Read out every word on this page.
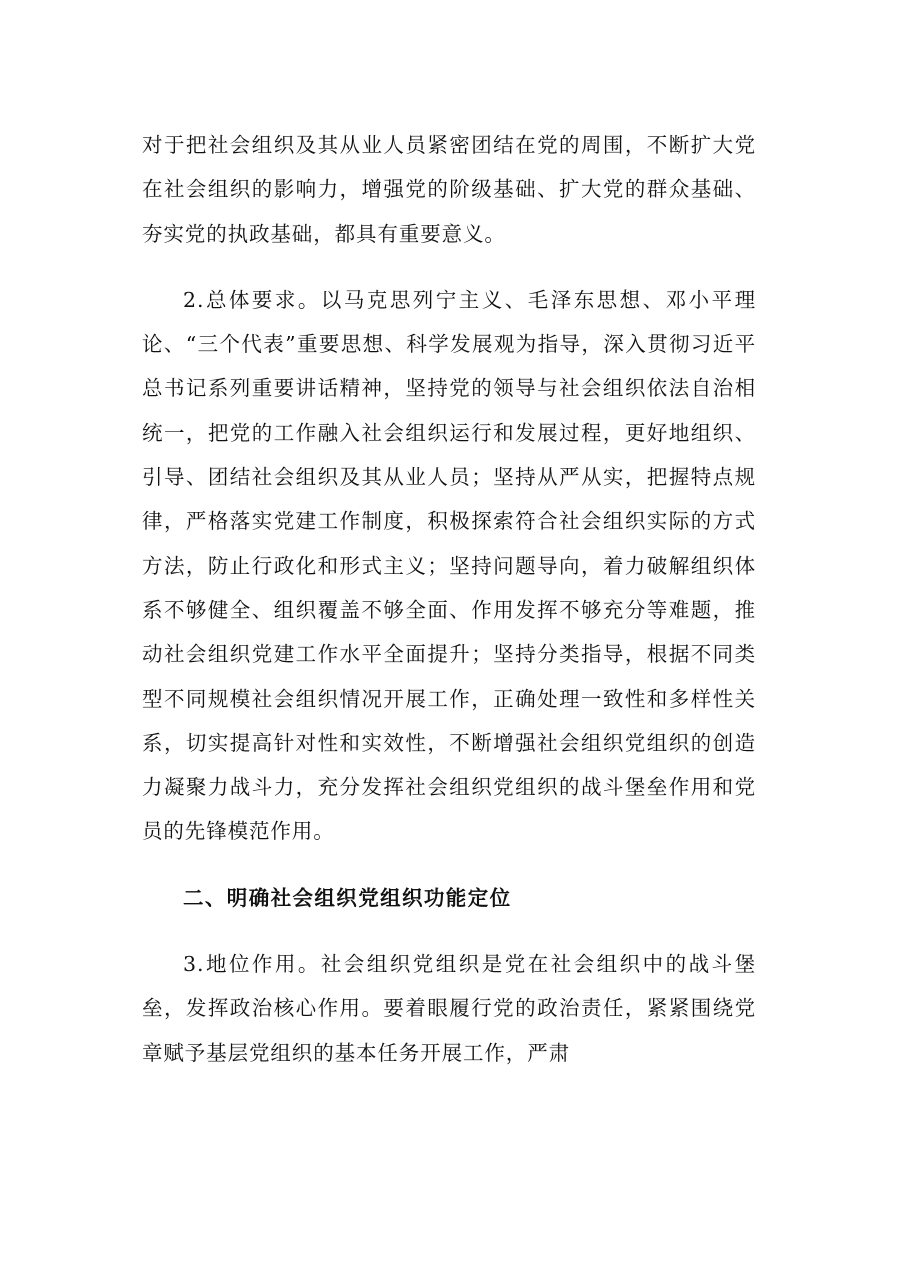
对于把社会组织及其从业人员紧密团结在党的周围，不断扩大党在社会组织的影响力，增强党的阶级基础、扩大党的群众基础、夯实党的执政基础，都具有重要意义。

2.总体要求。以马克思列宁主义、毛泽东思想、邓小平理论、“三个代表”重要思想、科学发展观为指导，深入贯彻习近平总书记系列重要讲话精神，坚持党的领导与社会组织依法自治相统一，把党的工作融入社会组织运行和发展过程，更好地组织、引导、团结社会组织及其从业人员；坚持从严从实，把握特点规律，严格落实党建工作制度，积极探索符合社会组织实际的方式方法，防止行政化和形式主义；坚持问题导向，着力破解组织体系不够健全、组织覆盖不够全面、作用发挥不够充分等难题，推动社会组织党建工作水平全面提升；坚持分类指导，根据不同类型不同规模社会组织情况开展工作，正确处理一致性和多样性关系，切实提高针对性和实效性，不断增强社会组织党组织的创造力凝聚力战斗力，充分发挥社会组织党组织的战斗堡垒作用和党员的先锋模范作用。

二、明确社会组织党组织功能定位

3.地位作用。社会组织党组织是党在社会组织中的战斗堡垒，发挥政治核心作用。要着眼履行党的政治责任，紧紧围绕党章赋予基层党组织的基本任务开展工作，严肃
